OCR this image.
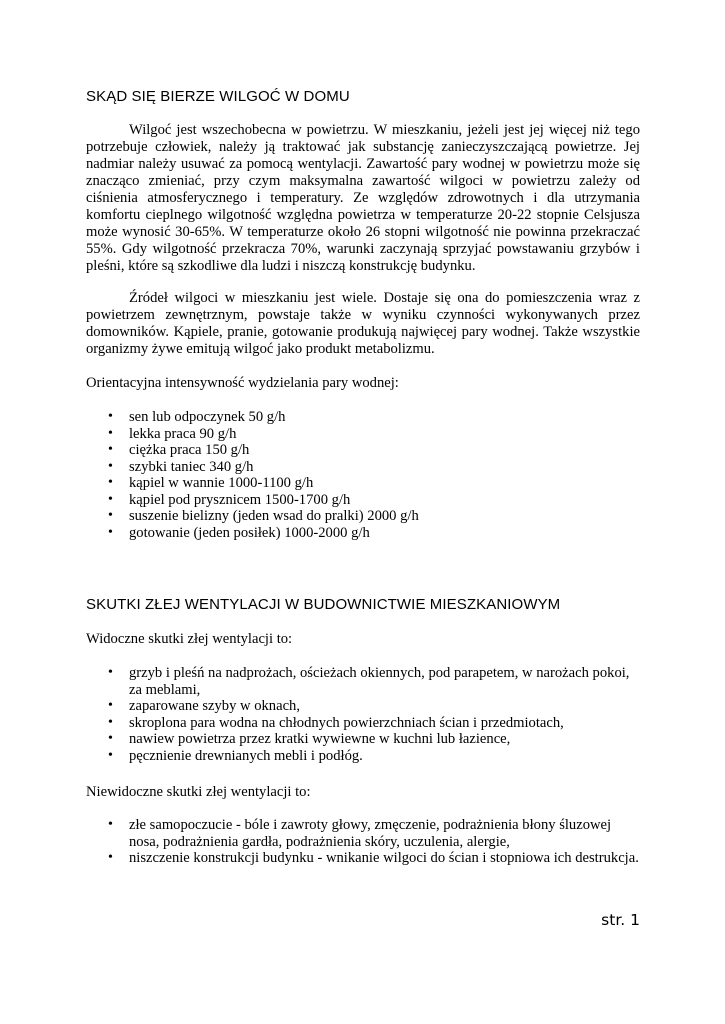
SKĄD SIĘ BIERZE WILGOĆ W DOMU

Wilgoć jest wszechobecna w powietrzu. W mieszkaniu, jeżeli jest jej więcej niż tego potrzebuje człowiek, należy ją traktować jak substancję zanieczyszczającą powietrze. Jej nadmiar należy usuwać za pomocą wentylacji. Zawartość pary wodnej w powietrzu może się znacząco zmieniać, przy czym maksymalna zawartość wilgoci w powietrzu zależy od ciśnienia atmosferycznego i temperatury. Ze względów zdrowotnych i dla utrzymania komfortu cieplnego wilgotność względna powietrza w temperaturze 20-22 stopnie Celsjusza może wynosić 30-65%. W temperaturze około 26 stopni wilgotność nie powinna przekraczać 55%. Gdy wilgotność przekracza 70%, warunki zaczynają sprzyjać powstawaniu grzybów i pleśni, które są szkodliwe dla ludzi i niszczą konstrukcję budynku.

Źródeł wilgoci w mieszkaniu jest wiele. Dostaje się ona do pomieszczenia wraz z powietrzem zewnętrznym, powstaje także w wyniku czynności wykonywanych przez domowników. Kąpiele, pranie, gotowanie produkują najwięcej pary wodnej. Także wszystkie organizmy żywe emitują wilgoć jako produkt metabolizmu.

Orientacyjna intensywność wydzielania pary wodnej:

• sen lub odpoczynek 50 g/h
• lekka praca 90 g/h
• ciężka praca 150 g/h
• szybki taniec 340 g/h
• kąpiel w wannie 1000-1100 g/h
• kąpiel pod prysznicem 1500-1700 g/h
• suszenie bielizny (jeden wsad do pralki) 2000 g/h
• gotowanie (jeden posiłek) 1000-2000 g/h
SKUTKI ZŁEJ WENTYLACJI W BUDOWNICTWIE MIESZKANIOWYM

Widoczne skutki złej wentylacji to:

• grzyb i pleśń na nadprożach, ościeżach okiennych, pod parapetem, w narożach pokoi, za meblami,
• zaparowane szyby w oknach,
• skroplona para wodna na chłodnych powierzchniach ścian i przedmiotach,
• nawiew powietrza przez kratki wywiewne w kuchni lub łazience,
• pęcznienie drewnianych mebli i podłóg.

Niewidoczne skutki złej wentylacji to:

• złe samopoczucie - bóle i zawroty głowy, zmęczenie, podrażnienia błony śluzowej nosa, podrażnienia gardła, podrażnienia skóry, uczulenia, alergie,
• niszczenie konstrukcji budynku - wnikanie wilgoci do ścian i stopniowa ich destrukcja.
str. 1
